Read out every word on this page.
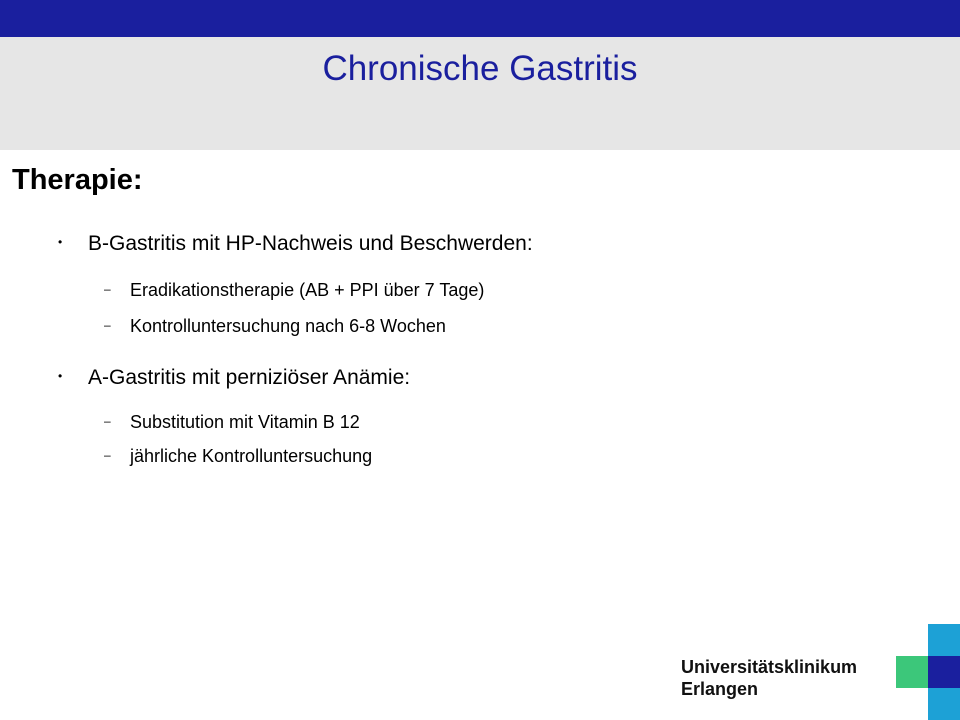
Chronische Gastritis
Therapie:
• B-Gastritis mit HP-Nachweis und Beschwerden:
– Eradikationstherapie (AB + PPI über 7 Tage)
– Kontrolluntersuchung nach 6-8 Wochen
• A-Gastritis mit perniziöser Anämie:
– Substitution mit Vitamin B 12
– jährliche Kontrolluntersuchung
Universitätsklinikum
Erlangen
